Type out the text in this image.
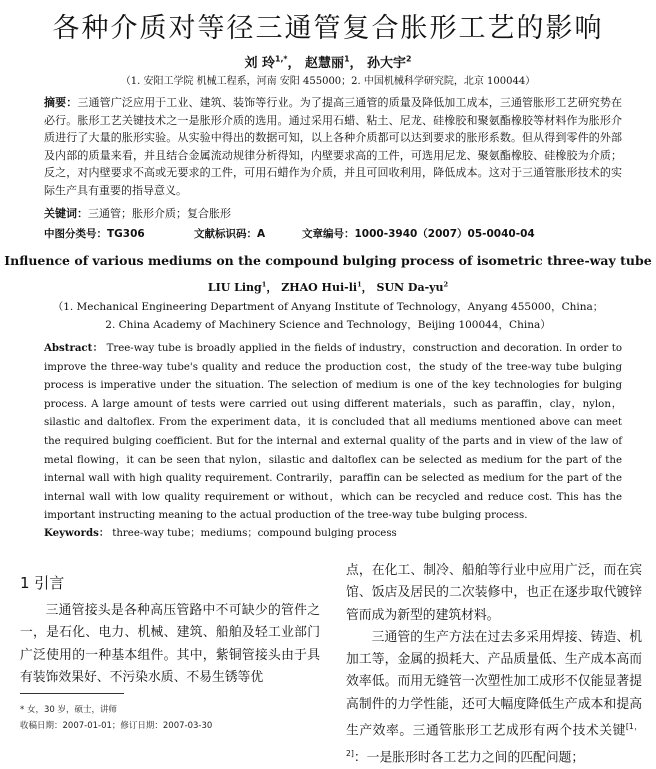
各种介质对等径三通管复合胀形工艺的影响
刘 玲$^{1,*}$， 赵慧丽$^1$， 孙大宇$^2$
（1. 安阳工学院 机械工程系，河南 安阳 455000；2. 中国机械科学研究院，北京 100044）
摘要：三通管广泛应用于工业、建筑、装饰等行业。为了提高三通管的质量及降低加工成本，三通管胀形工艺研究势在必行。胀形工艺关键技术之一是胀形介质的选用。通过采用石蜡、粘土、尼龙、硅橡胶和聚氨酯橡胶等材料作为胀形介质进行了大量的胀形实验。从实验中得出的数据可知，以上各种介质都可以达到要求的胀形系数。但从得到零件的外部及内部的质量来看，并且结合金属流动规律分析得知，内壁要求高的工件，可选用尼龙、聚氨酯橡胶、硅橡胶为介质；反之，对内壁要求不高或无要求的工件，可用石蜡作为介质，并且可回收利用，降低成本。这对于三通管胀形技术的实际生产具有重要的指导意义。
关键词：三通管；胀形介质；复合胀形
中图分类号：TG306	文献标识码：A	文章编号：1000-3940（2007）05-0040-04
Influence of various mediums on the compound bulging process of isometric three-way tube
LIU Ling$^1$， ZHAO Hui-$li^1$， SUN $Da-yu^2$
（1. Mechanical Engineering Department of Anyang Institute of Technology，Anyang 455000，China；
2. China Academy of Machinery Science and Technology，Beijing 100044，China）
Abstract： Tree-way tube is broadly applied in the fields of industry，construction and decoration. In order to improve the three-way tube's quality and reduce the production cost，the study of the tree-way tube bulging process is imperative under the situation. The selection of medium is one of the key technologies for bulging process. A large amount of tests were carried out using different materials，such as paraffin，clay，nylon，silastic and daltoflex. From the experiment data，it is concluded that all mediums mentioned above can meet the required bulging coefficient. But for the internal and external quality of the parts and in view of the law of metal flowing，it can be seen that nylon，silastic and daltoflex can be selected as medium for the part of the internal wall with high quality requirement. Contrarily，paraffin can be selected as medium for the part of the internal wall with low quality requirement or without，which can be recycled and reduce cost. This has the important instructing meaning to the actual production of the tree-way tube bulging process.
Keywords： three-way tube；mediums；compound bulging process
1 引言
三通管接头是各种高压管路中不可缺少的管件之一，是石化、电力、机械、建筑、船舶及轻工业部门广泛使用的一种基本组件。其中，紫铜管接头由于具有装饰效果好、不污染水质、不易生锈等优
点，在化工、制冷、船舶等行业中应用广泛，而在宾馆、饭店及居民的二次装修中，也正在逐步取代镀锌管而成为新型的建筑材料。
三通管的生产方法在过去多采用焊接、铸造、机加工等，金属的损耗大、产品质量低、生产成本高而效率低。而用无缝管一次塑性加工成形不仅能显著提高制件的力学性能，还可大幅度降低生产成本和提高生产效率。三通管胀形工艺成形有两个技术关键[1，2]：一是胀形时各工艺力之间的匹配问题；
* 女，30 岁，硕士，讲师
收稿日期：2007-01-01；修订日期：2007-03-30
